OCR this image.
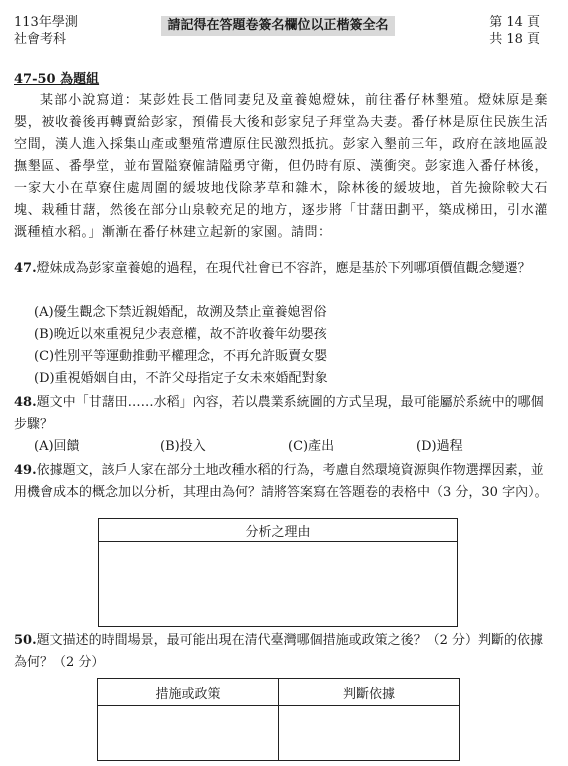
113年學測
社會考科
請記得在答題卷簽名欄位以正楷簽全名	第 14 頁
共 18 頁
47-50 為題組
某部小說寫道：某彭姓長工偕同妻兒及童養媳燈妹，前往番仔林墾殖。燈妹原是棄嬰，被收養後再轉賣給彭家，預備長大後和彭家兒子拜堂為夫妻。番仔林是原住民族生活空間，漢人進入採集山產或墾殖常遭原住民激烈抵抗。彭家入墾前三年，政府在該地區設撫墾區、番學堂，並布置隘寮僱請隘勇守衛，但仍時有原、漢衝突。彭家進入番仔林後，一家大小在草寮住處周圍的緩坡地伐除茅草和雜木，除林後的緩坡地，首先撿除較大石塊、栽種甘藷，然後在部分山泉較充足的地方，逐步將「甘藷田劃平，築成梯田，引水灌溉種植水稻。」漸漸在番仔林建立起新的家園。請問：
47.燈妹成為彭家童養媳的過程，在現代社會已不容許，應是基於下列哪項價值觀念變遷？
(A)優生觀念下禁近親婚配，故溯及禁止童養媳習俗
(B)晚近以來重視兒少表意權，故不許收養年幼嬰孩
(C)性別平等運動推動平權理念，不再允許販賣女嬰
(D)重視婚姻自由，不許父母指定子女未來婚配對象
48.題文中「甘藷田……水稻」內容，若以農業系統圖的方式呈現，最可能屬於系統中的哪個步驟？
(A)回饋	(B)投入	(C)產出	(D)過程
49.依據題文，該戶人家在部分土地改種水稻的行為，考慮自然環境資源與作物選擇因素，並用機會成本的概念加以分析，其理由為何？請將答案寫在答題卷的表格中（3 分，30 字內）。
分析之理由

50.題文描述的時間場景，最可能出現在清代臺灣哪個措施或政策之後？（2 分）判斷的依據為何？（2 分）
措施或政策	判斷依據
